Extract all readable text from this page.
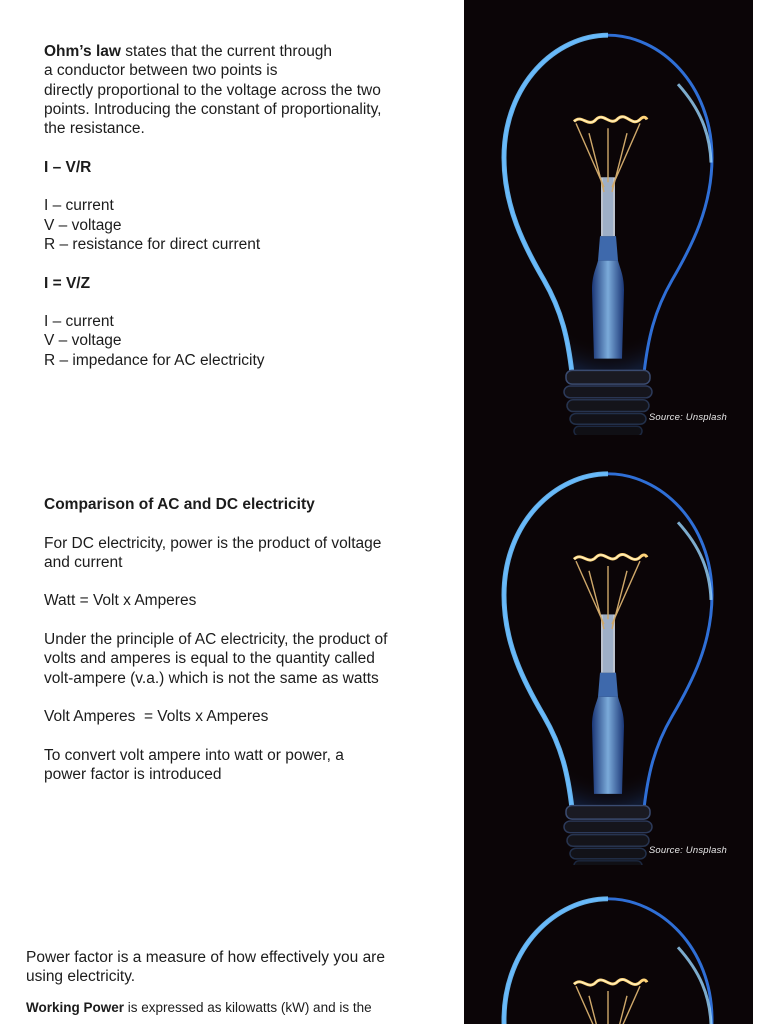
Ohm’s law states that the current through
a conductor between two points is
directly proportional to the voltage across the two
points. Introducing the constant of proportionality,
the resistance.

I – V/R

I – current
V – voltage
R – resistance for direct current

I = V/Z

I – current
V – voltage
R – impedance for AC electricity

Comparison of AC and DC electricity

For DC electricity, power is the product of voltage
and current

Watt = Volt x Amperes

Under the principle of AC electricity, the product of
volts and amperes is equal to the quantity called
volt-ampere (v.a.) which is not the same as watts

Volt Amperes  = Volts x Amperes

To convert volt ampere into watt or power, a
power factor is introduced

Power factor is a measure of how effectively you are
using electricity.

Working Power is expressed as kilowatts (kW) and is the

Source: Unsplash
Source: Unsplash
